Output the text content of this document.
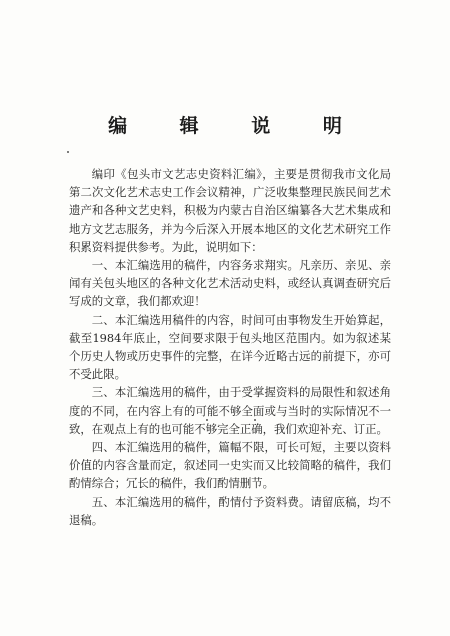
编 辑 说 明

编印《包头市文艺志史资料汇编》，主要是贯彻我市文化局第二次文化艺术志史工作会议精神，广泛收集整理民族民间艺术遗产和各种文艺史料，积极为内蒙古自治区编纂各大艺术集成和地方文艺志服务，并为今后深入开展本地区的文化艺术研究工作积累资料提供参考。为此，说明如下：

一、本汇编选用的稿件，内容务求翔实。凡亲历、亲见、亲闻有关包头地区的各种文化艺术活动史料，或经认真调查研究后写成的文章，我们都欢迎！

二、本汇编选用稿件的内容，时间可由事物发生开始算起，截至1984年底止，空间要求限于包头地区范围内。如为叙述某个历史人物或历史事件的完整，在详今近略古远的前提下，亦可不受此限。

三、本汇编选用的稿件，由于受掌握资料的局限性和叙述角度的不同，在内容上有的可能不够全面或与当时的实际情况不一致，在观点上有的也可能不够完全正确，我们欢迎补充、订正。

四、本汇编选用的稿件，篇幅不限，可长可短，主要以资料价值的内容含量而定，叙述同一史实而又比较简略的稿件，我们酌情综合；冗长的稿件，我们酌情删节。

五、本汇编选用的稿件，酌情付予资料费。请留底稿，均不退稿。
